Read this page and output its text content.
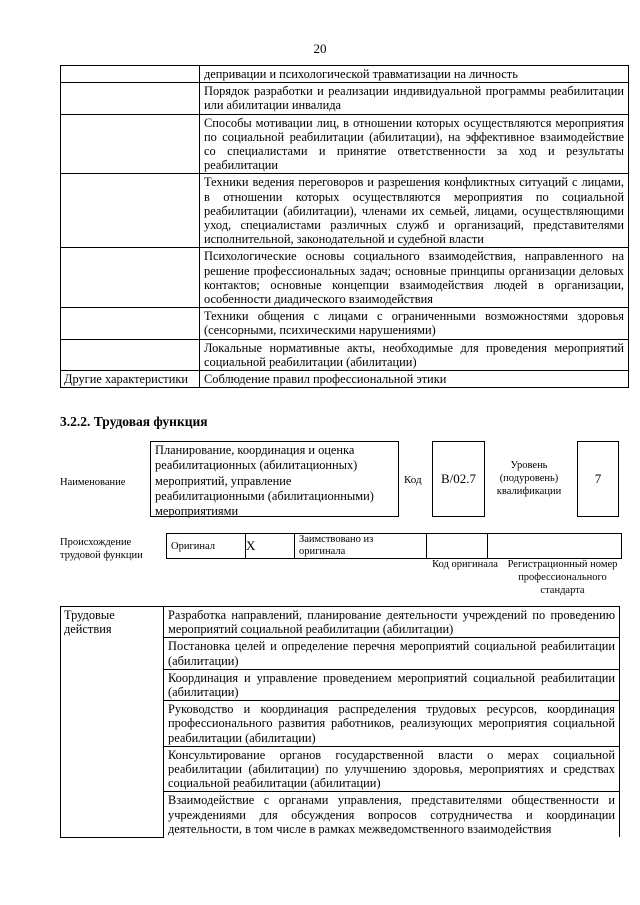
20
	депривации и психологической травматизации на личность
	Порядок разработки и реализации индивидуальной программы реабилитации или абилитации инвалида
	Способы мотивации лиц, в отношении которых осуществляются мероприятия по социальной реабилитации (абилитации), на эффективное взаимодействие со специалистами и принятие ответственности за ход и результаты реабилитации
	Техники ведения переговоров и разрешения конфликтных ситуаций с лицами, в отношении которых осуществляются мероприятия по социальной реабилитации (абилитации), членами их семьей, лицами, осуществляющими уход, специалистами различных служб и организаций, представителями исполнительной, законодательной и судебной власти
	Психологические основы социального взаимодействия, направленного на решение профессиональных задач; основные принципы организации деловых контактов; основные концепции взаимодействия людей в организации, особенности диадического взаимодействия
	Техники общения с лицами с ограниченными возможностями здоровья (сенсорными, психическими нарушениями)
	Локальные нормативные акты, необходимые для проведения мероприятий социальной реабилитации (абилитации)
Другие характеристики	Соблюдение правил профессиональной этики
3.2.2. Трудовая функция
Наименование
Планирование, координация и оценка реабилитационных (абилитационных) мероприятий, управление реабилитационными (абилитационными) мероприятиями
Код	B/02.7
Уровень (подуровень) квалификации
7
Происхождение трудовой функции
Оригинал	X	Заимствовано из оригинала		
Код оригинала Регистрационный номер профессионального стандарта
Трудовые действия	Разработка направлений, планирование деятельности учреждений по проведению мероприятий социальной реабилитации (абилитации)
Постановка целей и определение перечня мероприятий социальной реабилитации (абилитации)
Координация и управление проведением мероприятий социальной реабилитации (абилитации)
Руководство и координация распределения трудовых ресурсов, координация профессионального развития работников, реализующих мероприятия социальной реабилитации (абилитации)
Консультирование органов государственной власти о мерах социальной реабилитации (абилитации) по улучшению здоровья, мероприятиях и средствах социальной реабилитации (абилитации)
Взаимодействие с органами управления, представителями общественности и учреждениями для обсуждения вопросов сотрудничества и координации деятельности, в том числе в рамках межведомственного взаимодействия
